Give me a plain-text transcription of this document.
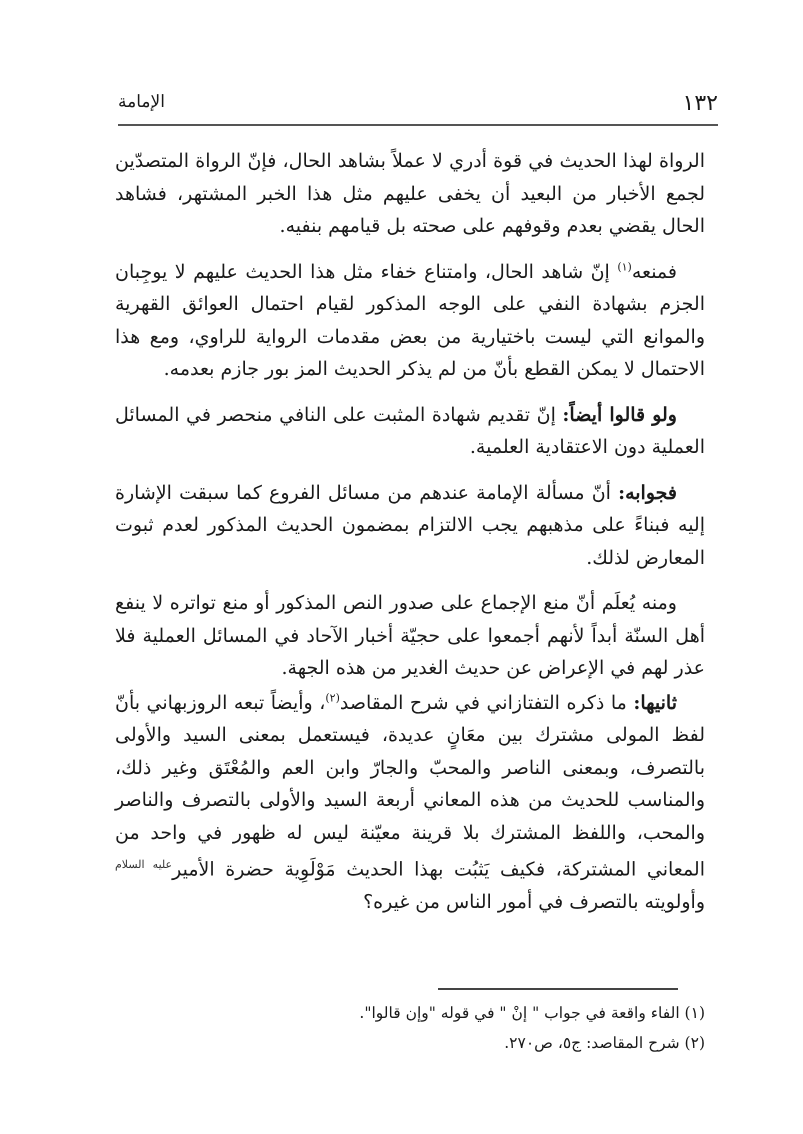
١٣٢
الإمامة

الرواة لهذا الحديث في قوة أدري لا عملاً بشاهد الحال، فإنّ الرواة المتصدّين لجمع الأخبار من البعيد أن يخفى عليهم مثل هذا الخبر المشتهر، فشاهد الحال يقضي بعدم وقوفهم على صحته بل قيامهم بنفيه.

فمنعه$^{(١)}$ إنّ شاهد الحال، وامتناع خفاء مثل هذا الحديث عليهم لا يوجِبان الجزم بشهادة النفي على الوجه المذكور لقيام احتمال العوائق القهرية والموانع التي ليست باختيارية من بعض مقدمات الرواية للراوي، ومع هذا الاحتمال لا يمكن القطع بأنّ من لم يذكر الحديث المز بور جازم بعدمه.

ولو قالوا أيضاً: إنّ تقديم شهادة المثبت على النافي منحصر في المسائل العملية دون الاعتقادية العلمية.

فجوابه: أنّ مسألة الإمامة عندهم من مسائل الفروع كما سبقت الإشارة إليه فبناءً على مذهبهم يجب الالتزام بمضمون الحديث المذكور لعدم ثبوت المعارض لذلك.

ومنه يُعلَم أنّ منع الإجماع على صدور النص المذكور أو منع تواتره لا ينفع أهل السنّة أبداً لأنهم أجمعوا على حجيّة أخبار الآحاد في المسائل العملية فلا عذر لهم في الإعراض عن حديث الغدير من هذه الجهة.

ثانيها: ما ذكره التفتازاني في شرح المقاصد$^{(٢)}$، وأيضاً تبعه الروزبهاني بأنّ لفظ المولى مشترك بين معَانٍ عديدة، فيستعمل بمعنى السيد والأولى بالتصرف، وبمعنى الناصر والمحبّ والجارّ وابن العم والمُعْتَق وغير ذلك، والمناسب للحديث من هذه المعاني أربعة السيد والأولى بالتصرف والناصر والمحب، واللفظ المشترك بلا قرينة معيّنة ليس له ظهور في واحد من المعاني المشتركة، فكيف يَثبُت بهذا الحديث مَوْلَوِية حضرة الأمير$^{عليه السلام}$ وأولويته بالتصرف في أمور الناس من غيره؟

(١) الفاء واقعة في جواب " إنْ " في قوله "وإن قالوا".

(٢) شرح المقاصد: ج٥، ص٢٧٠.
